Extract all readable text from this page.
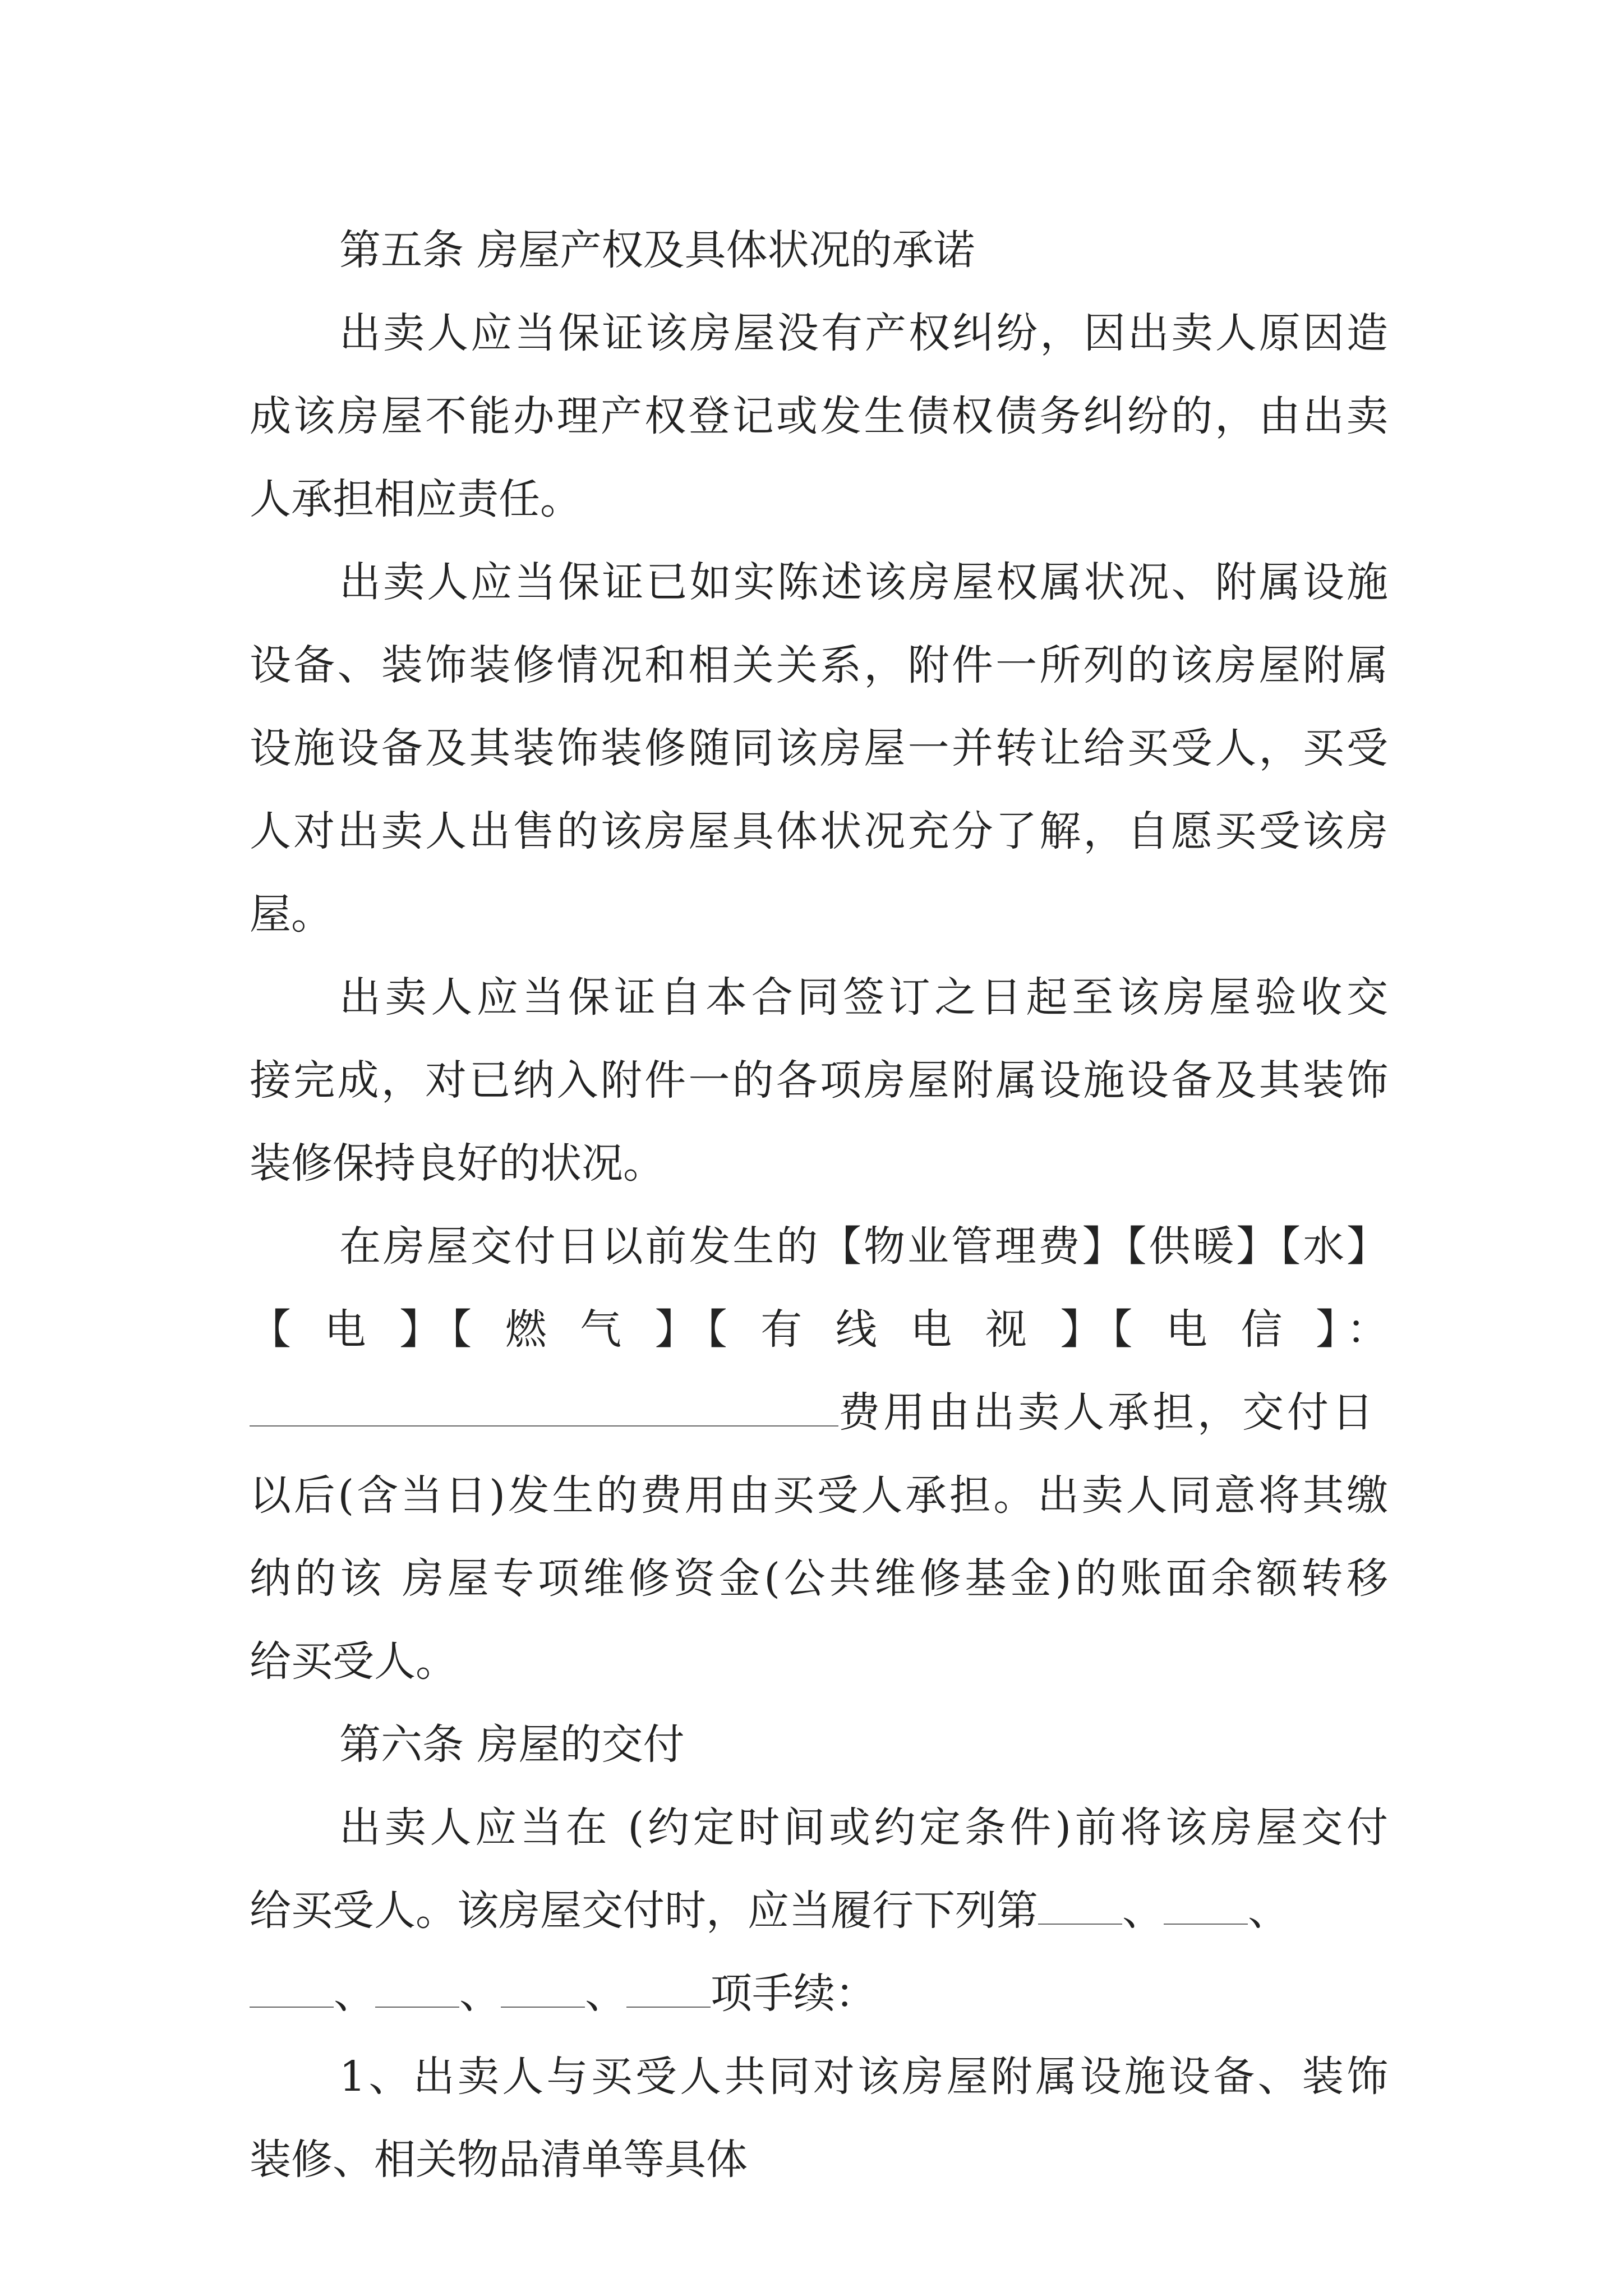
第五条 房屋产权及具体状况的承诺
出卖人应当保证该房屋没有产权纠纷，因出卖人原因造
成该房屋不能办理产权登记或发生债权债务纠纷的，由出卖
人承担相应责任。
出卖人应当保证已如实陈述该房屋权属状况、附属设施
设备、装饰装修情况和相关关系，附件一所列的该房屋附属
设施设备及其装饰装修随同该房屋一并转让给买受人，买受
人对出卖人出售的该房屋具体状况充分了解，自愿买受该房
屋。
出卖人应当保证自本合同签订之日起至该房屋验收交
接完成，对已纳入附件一的各项房屋附属设施设备及其装饰
装修保持良好的状况。
在房屋交付日以前发生的【物业管理费】【供暖】【水】
【 电 】【 燃 气 】【 有 线 电 视 】【 电 信 】：
费用由出卖人承担，交付日
以后(含当日)发生的费用由买受人承担。出卖人同意将其缴
纳的该 房屋专项维修资金(公共维修基金)的账面余额转移
给买受人。
第六条 房屋的交付
出卖人应当在 (约定时间或约定条件)前将该房屋交付
给买受人。该房屋交付时，应当履行下列第 、 、
、 、 、 项手续：
1、出卖人与买受人共同对该房屋附属设施设备、装饰
装修、相关物品清单等具体
